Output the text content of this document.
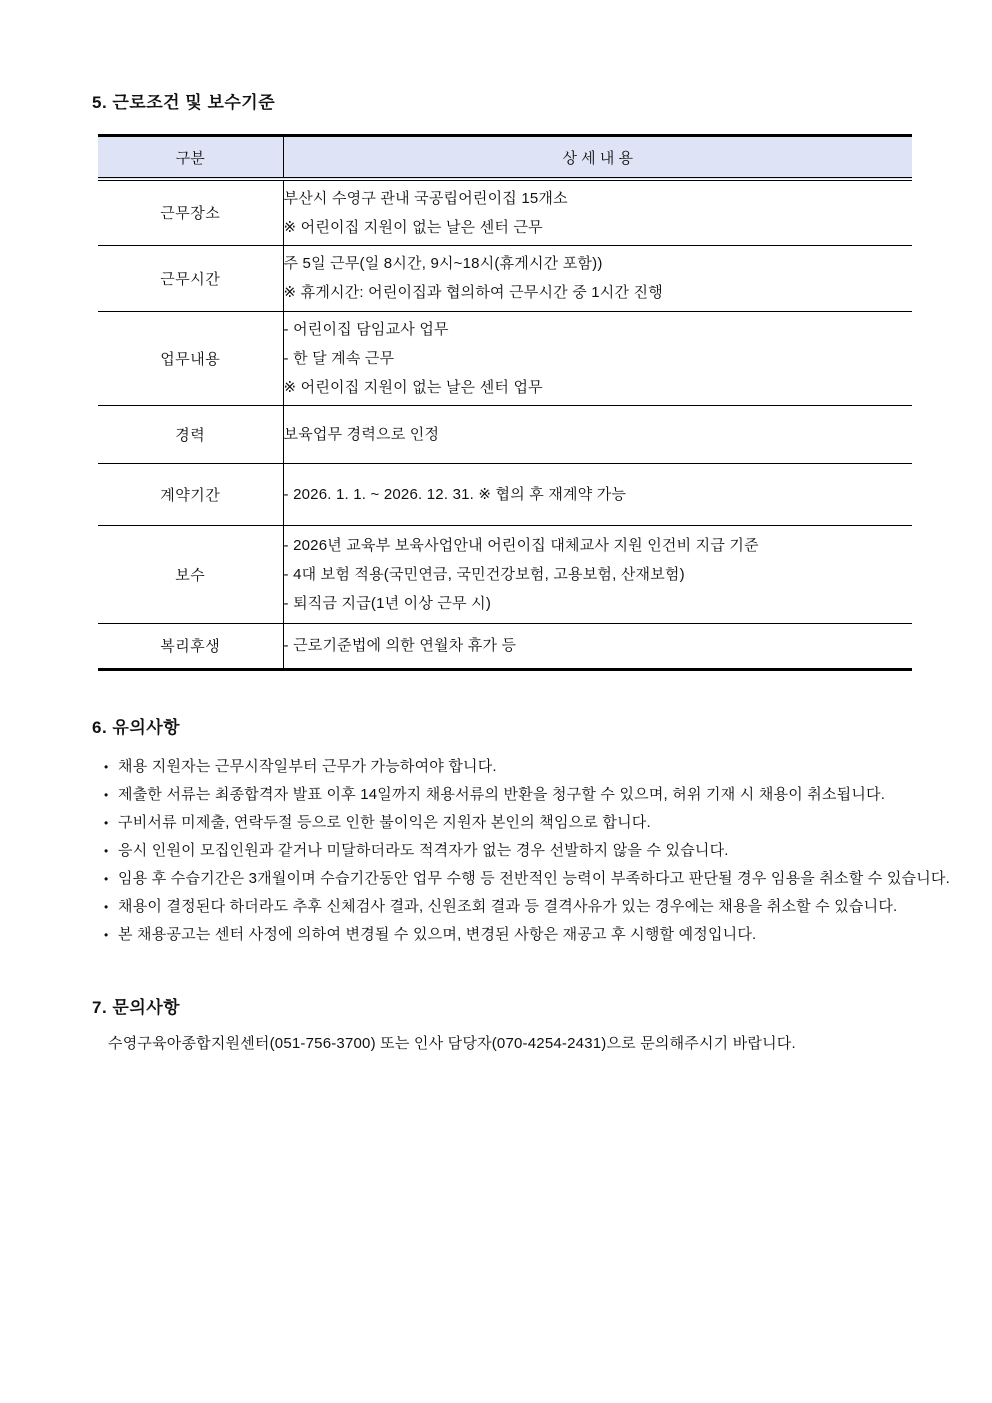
5. 근로조건 및 보수기준
구분	상 세 내 용
근무장소	부산시 수영구 관내 국공립어린이집 15개소
※ 어린이집 지원이 없는 날은 센터 근무

근무시간	주 5일 근무(일 8시간, 9시~18시(휴게시간 포함))
※ 휴게시간: 어린이집과 협의하여 근무시간 중 1시간 진행

업무내용	- 어린이집 담임교사 업무
- 한 달 계속 근무
※ 어린이집 지원이 없는 날은 센터 업무

경력	보육업무 경력으로 인정

계약기간	- 2026. 1. 1. ~ 2026. 12. 31. ※ 협의 후 재계약 가능

보수	- 2026년 교육부 보육사업안내 어린이집 대체교사 지원 인건비 지급 기준
- 4대 보험 적용(국민연금, 국민건강보험, 고용보험, 산재보험)
- 퇴직금 지급(1년 이상 근무 시)

복리후생	- 근로기준법에 의한 연월차 휴가 등
6. 유의사항
• 채용 지원자는 근무시작일부터 근무가 가능하여야 합니다.
• 제출한 서류는 최종합격자 발표 이후 14일까지 채용서류의 반환을 청구할 수 있으며, 허위 기재 시 채용이 취소됩니다.
• 구비서류 미제출, 연락두절 등으로 인한 불이익은 지원자 본인의 책임으로 합니다.
• 응시 인원이 모집인원과 같거나 미달하더라도 적격자가 없는 경우 선발하지 않을 수 있습니다.
• 임용 후 수습기간은 3개월이며 수습기간동안 업무 수행 등 전반적인 능력이 부족하다고 판단될 경우 임용을 취소할 수 있습니다.
• 채용이 결정된다 하더라도 추후 신체검사 결과, 신원조회 결과 등 결격사유가 있는 경우에는 채용을 취소할 수 있습니다.
• 본 채용공고는 센터 사정에 의하여 변경될 수 있으며, 변경된 사항은 재공고 후 시행할 예정입니다.
7. 문의사항

수영구육아종합지원센터(051-756-3700) 또는 인사 담당자(070-4254-2431)으로 문의해주시기 바랍니다.
